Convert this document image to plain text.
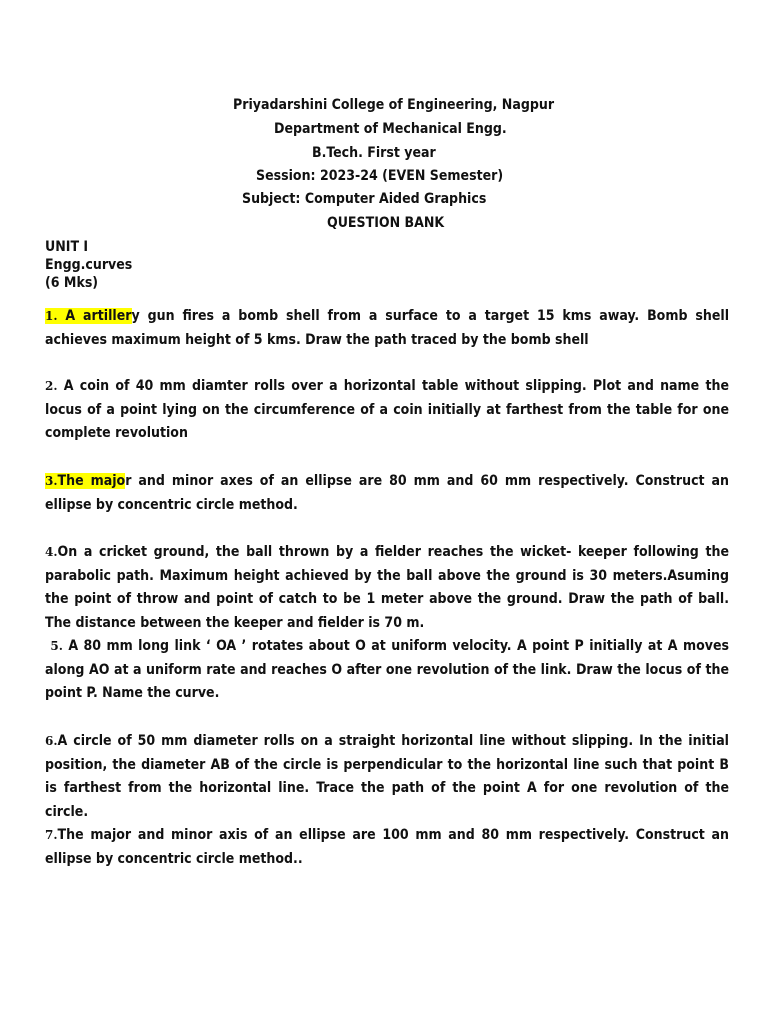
Priyadarshini College of Engineering, Nagpur
Department of Mechanical Engg.
B.Tech. First year
Session: 2023-24 (EVEN Semester)
Subject: Computer Aided Graphics
QUESTION BANK
UNIT I
Engg.curves
(6 Mks)
1. A artillery gun fires a bomb shell from a surface to a target 15 kms away. Bomb shell achieves maximum height of 5 kms. Draw the path traced by the bomb shell
2. A coin of 40 mm diamter rolls over a horizontal table without slipping. Plot and name the locus of a point lying on the circumference of a coin initially at farthest from the table for one complete revolution
3.The major and minor axes of an ellipse are 80 mm and 60 mm respectively. Construct an ellipse by concentric circle method.
4.On a cricket ground, the ball thrown by a fielder reaches the wicket- keeper following the parabolic path. Maximum height achieved by the ball above the ground is 30 meters.Asuming the point of throw and point of catch to be 1 meter above the ground. Draw the path of ball. The distance between the keeper and fielder is 70 m.
5. A 80 mm long link ‘ OA ’ rotates about O at uniform velocity. A point P initially at A moves along AO at a uniform rate and reaches O after one revolution of the link. Draw the locus of the point P. Name the curve.
6.A circle of 50 mm diameter rolls on a straight horizontal line without slipping. In the initial position, the diameter AB of the circle is perpendicular to the horizontal line such that point B is farthest from the horizontal line. Trace the path of the point A for one revolution of the circle.
7.The major and minor axis of an ellipse are 100 mm and 80 mm respectively. Construct an ellipse by concentric circle method..
